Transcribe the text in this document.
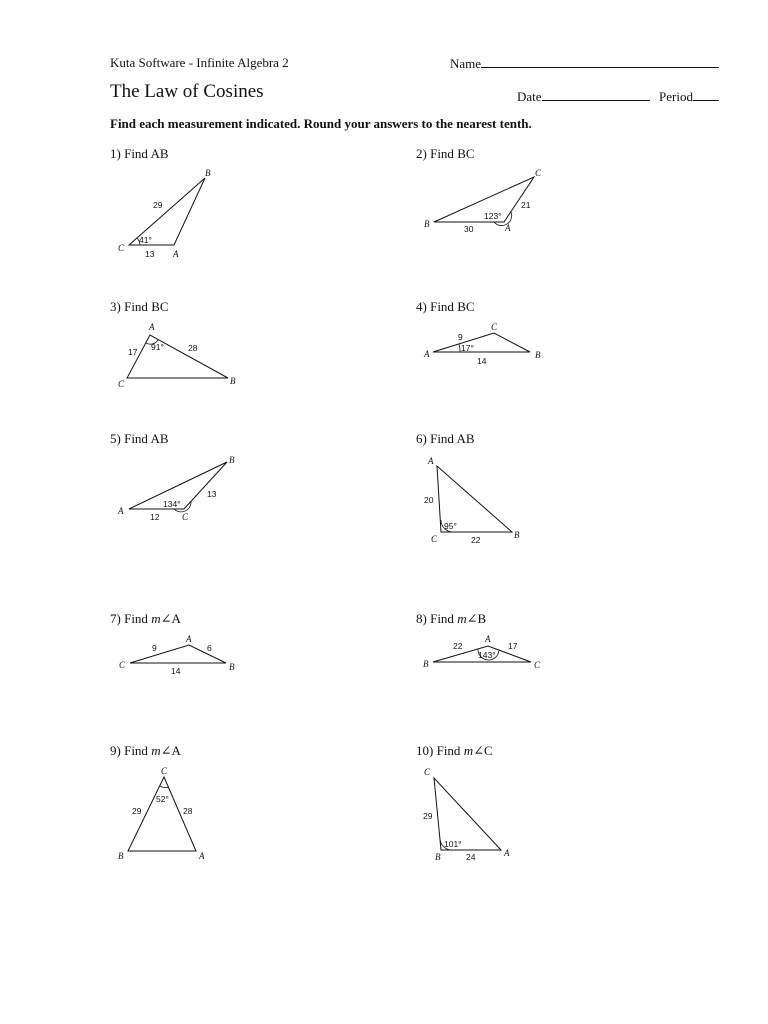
Kuta Software - Infinite Algebra 2	Name
The Law of Cosines	Date	Period
Find each measurement indicated. Round your answers to the nearest tenth.
1) Find AB	2) Find BC
3) Find BC	4) Find BC
5) Find AB	6) Find AB
7) Find m∠A	8) Find m∠B
9) Find m∠A	10) Find m∠C
C
B
A
29
13
41°
B	A
C
30
21
123°
A
C	B
17	28
91°
A
C
B
9
14
17°
A
C
B
12
13
134°
A
C	B
20
22
95°
C
A
B
9	6
14
B
A
C
22	17
143°
C
B	A
29	28
52°
C
B	A
29
24
101°
